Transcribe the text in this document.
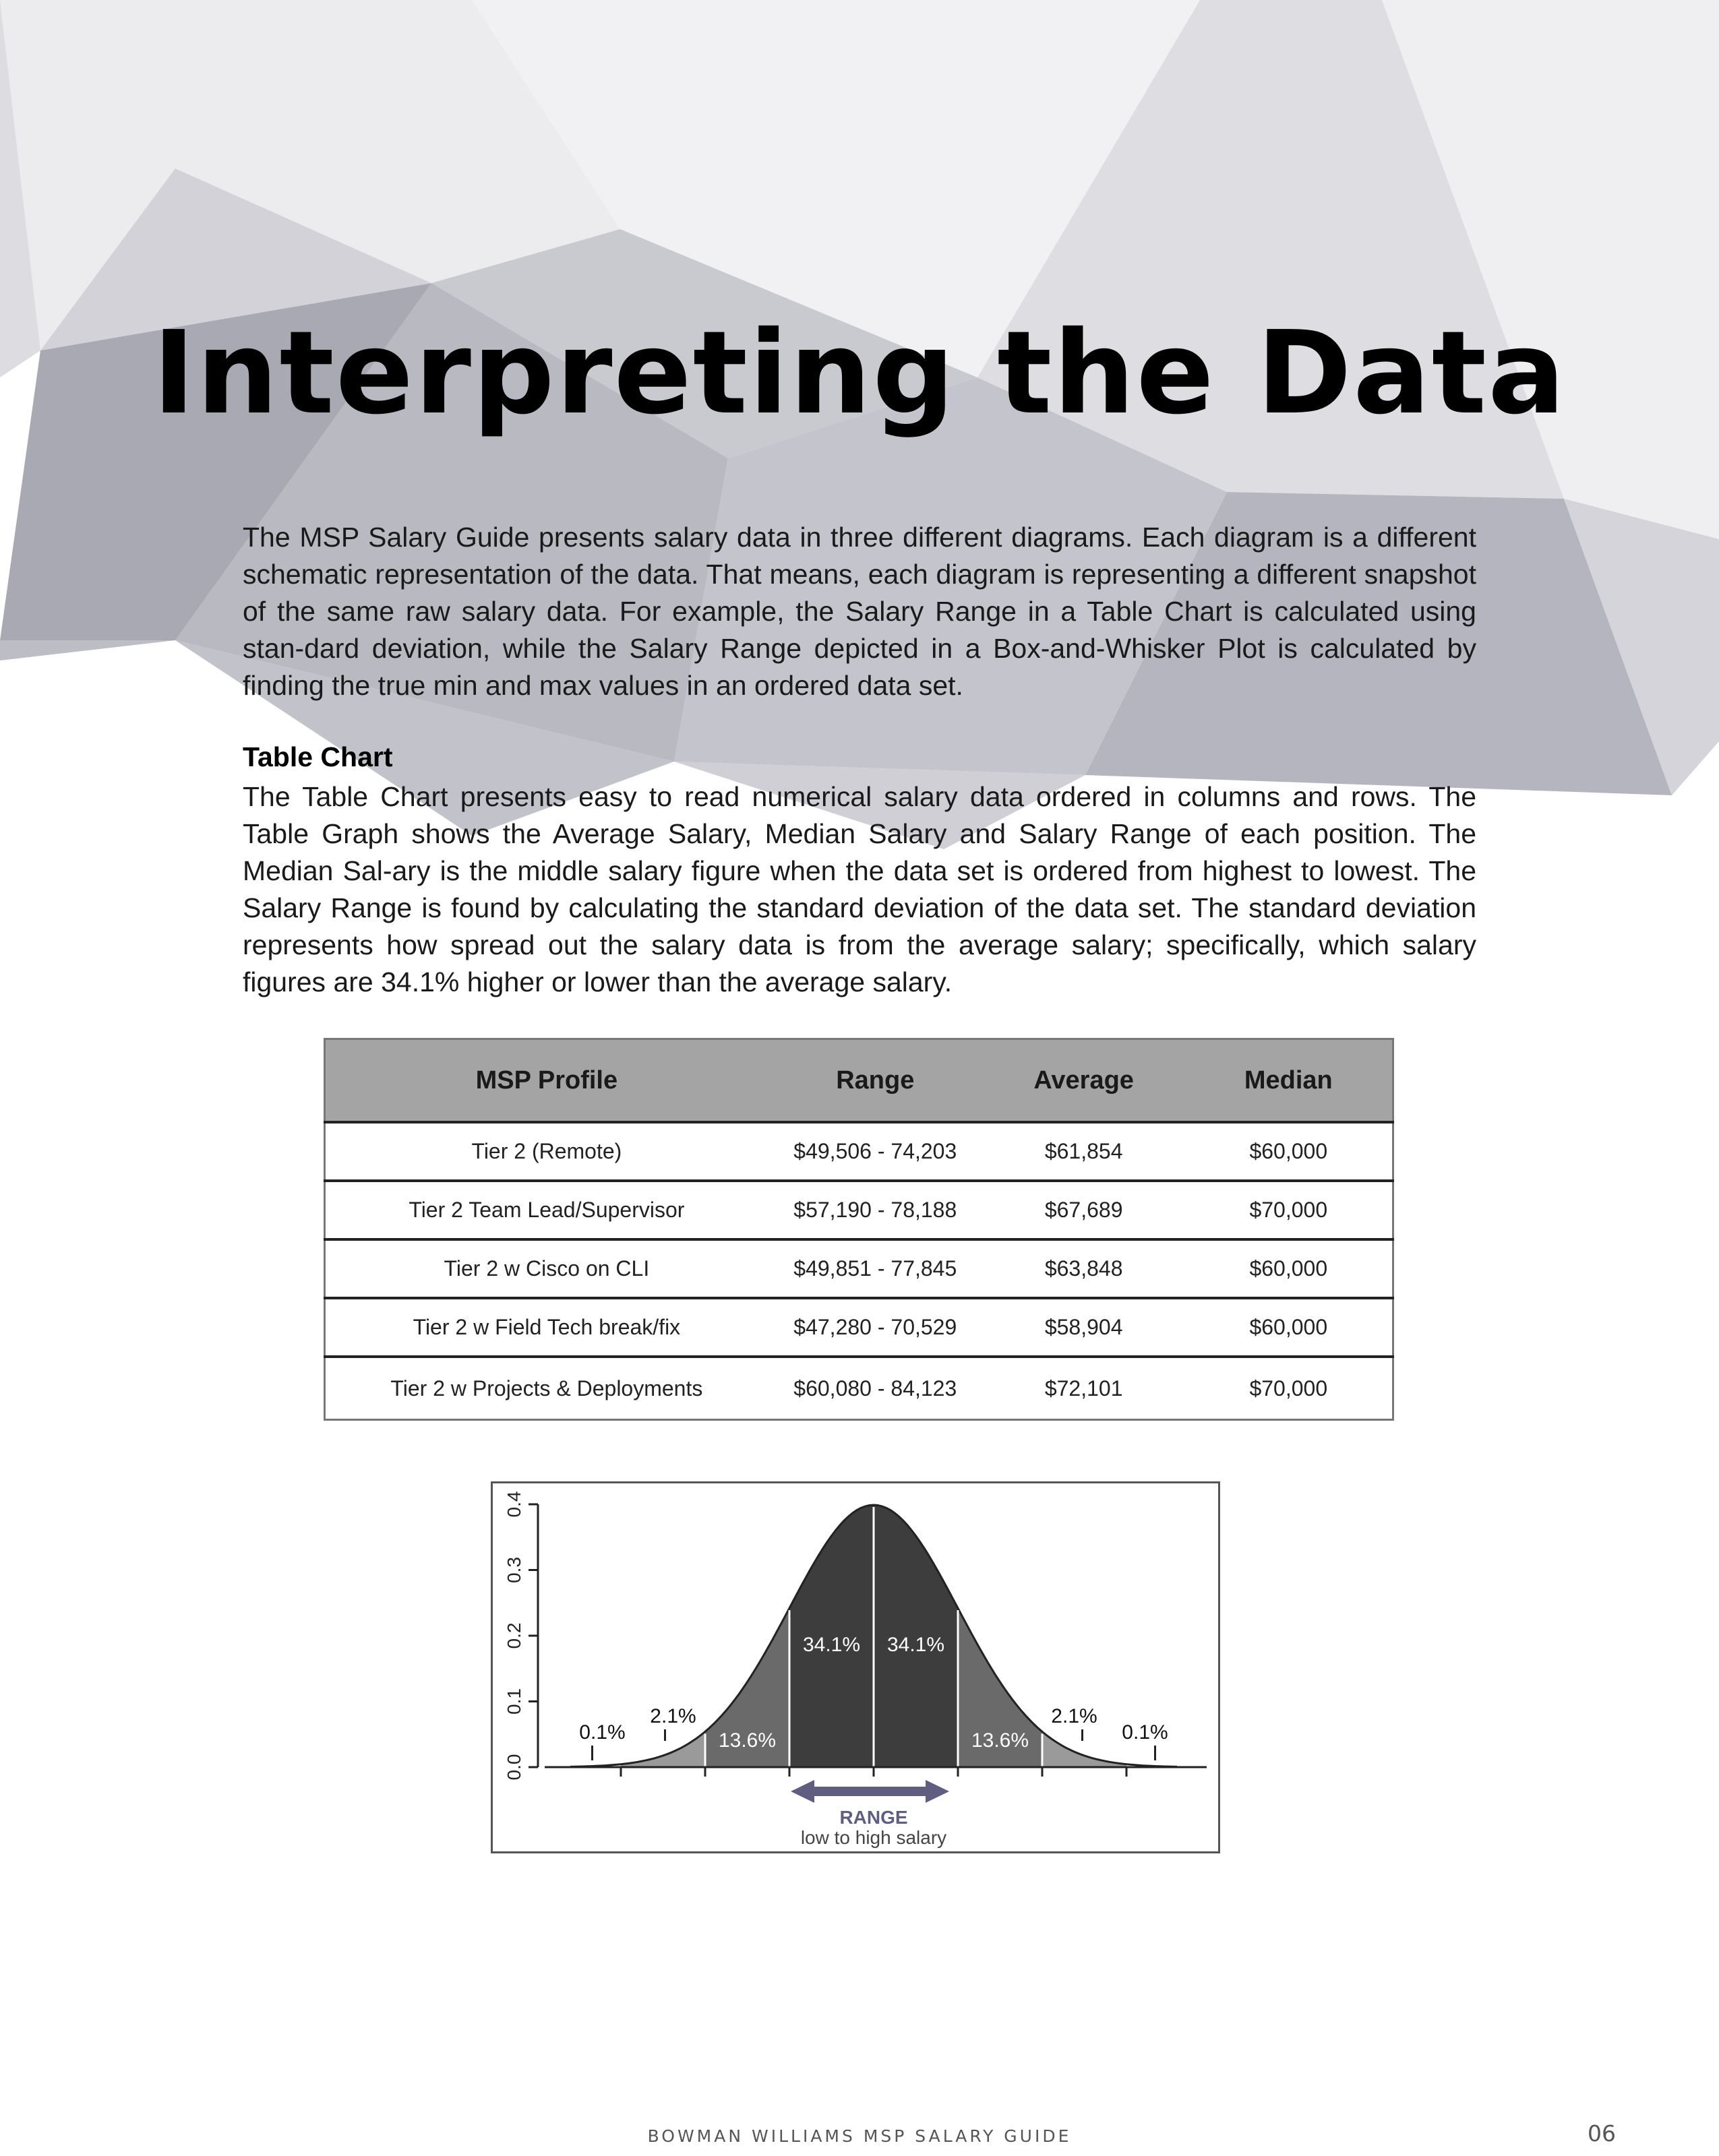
Interpreting the Data

The MSP Salary Guide presents salary data in three different diagrams. Each diagram is a different schematic representation of the data. That means, each diagram is representing a different snapshot of the same raw salary data. For example, the Salary Range in a Table Chart is calculated using stan-dard deviation, while the Salary Range depicted in a Box-and-Whisker Plot is calculated by finding the true min and max values in an ordered data set.

Table Chart

The Table Chart presents easy to read numerical salary data ordered in columns and rows. The Table Graph shows the Average Salary, Median Salary and Salary Range of each position. The Median Sal-ary is the middle salary figure when the data set is ordered from highest to lowest. The Salary Range is found by calculating the standard deviation of the data set. The standard deviation represents how spread out the salary data is from the average salary; specifically, which salary figures are 34.1% higher or lower than the average salary.

MSP Profile	Range	Average	Median
Tier 2 (Remote)	$49,506 - 74,203	$61,854	$60,000
Tier 2 Team Lead/Supervisor	$57,190 - 78,188	$67,689	$70,000
Tier 2 w Cisco on CLI	$49,851 - 77,845	$63,848	$60,000
Tier 2 w Field Tech break/fix	$47,280 - 70,529	$58,904	$60,000
Tier 2 w Projects & Deployments	$60,080 - 84,123	$72,101	$70,000
0.0
0.1
0.2
0.3
0.4
34.1% 34.1%
13.6%	13.6%
2.1%	2.1%
0.1%	0.1%
RANGE
low to high salary

BOWMAN WILLIAMS MSP SALARY GUIDE	06
